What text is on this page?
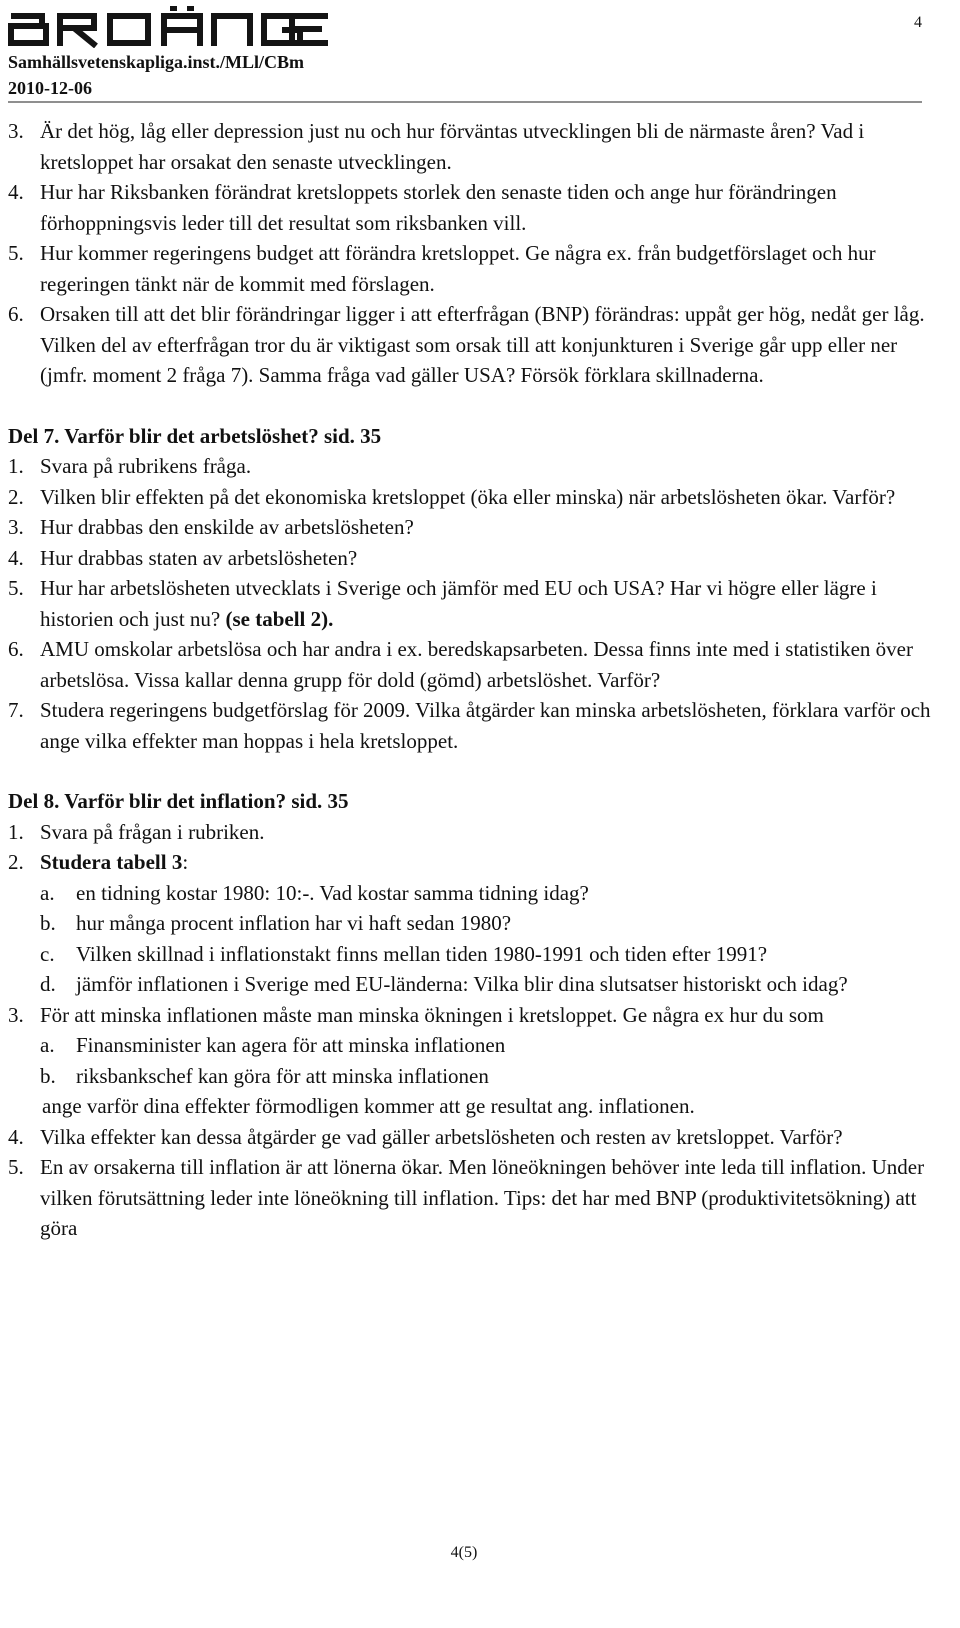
BROÄNGEN
Samhällsvetenskapliga.inst./MLl/CBm
2010-12-06
4
3. Är det hög, låg eller depression just nu och hur förväntas utvecklingen bli de närmaste åren? Vad i kretsloppet har orsakat den senaste utvecklingen.
4. Hur har Riksbanken förändrat kretsloppets storlek den senaste tiden och ange hur förändringen förhoppningsvis leder till det resultat som riksbanken vill.
5. Hur kommer regeringens budget att förändra kretsloppet. Ge några ex. från budgetförslaget och hur regeringen tänkt när de kommit med förslagen.
6. Orsaken till att det blir förändringar ligger i att efterfrågan (BNP) förändras: uppåt ger hög, nedåt ger låg. Vilken del av efterfrågan tror du är viktigast som orsak till att konjunkturen i Sverige går upp eller ner (jmfr. moment 2 fråga 7). Samma fråga vad gäller USA? Försök förklara skillnaderna.
Del 7. Varför blir det arbetslöshet? sid. 35
1. Svara på rubrikens fråga.
2. Vilken blir effekten på det ekonomiska kretsloppet (öka eller minska) när arbetslösheten ökar. Varför?
3. Hur drabbas den enskilde av arbetslösheten?
4. Hur drabbas staten av arbetslösheten?
5. Hur har arbetslösheten utvecklats i Sverige och jämför med EU och USA? Har vi högre eller lägre i historien och just nu? (se tabell 2).
6. AMU omskolar arbetslösa och har andra i ex. beredskapsarbeten. Dessa finns inte med i statistiken över arbetslösa. Vissa kallar denna grupp för dold (gömd) arbetslöshet. Varför?
7. Studera regeringens budgetförslag för 2009. Vilka åtgärder kan minska arbetslösheten, förklara varför och ange vilka effekter man hoppas i hela kretsloppet.
Del 8. Varför blir det inflation? sid. 35
1. Svara på frågan i rubriken.
2. Studera tabell 3:
a.	en tidning kostar 1980: 10:-. Vad kostar samma tidning idag?
b. hur många procent inflation har vi haft sedan 1980?
c.	Vilken skillnad i inflationstakt finns mellan tiden 1980-1991 och tiden efter 1991?
d. jämför inflationen i Sverige med EU-länderna: Vilka blir dina slutsatser historiskt och idag?
3. För att minska inflationen måste man minska ökningen i kretsloppet. Ge några ex hur du som
a.	Finansminister kan agera för att minska inflationen
b. riksbankschef kan göra för att minska inflationen
ange varför dina effekter förmodligen kommer att ge resultat ang. inflationen.
4. Vilka effekter kan dessa åtgärder ge vad gäller arbetslösheten och resten av kretsloppet. Varför?
5. En av orsakerna till inflation är att lönerna ökar. Men löneökningen behöver inte leda till inflation. Under vilken förutsättning leder inte löneökning till inflation. Tips: det har med BNP (produktivitetsökning) att göra
4(5)
